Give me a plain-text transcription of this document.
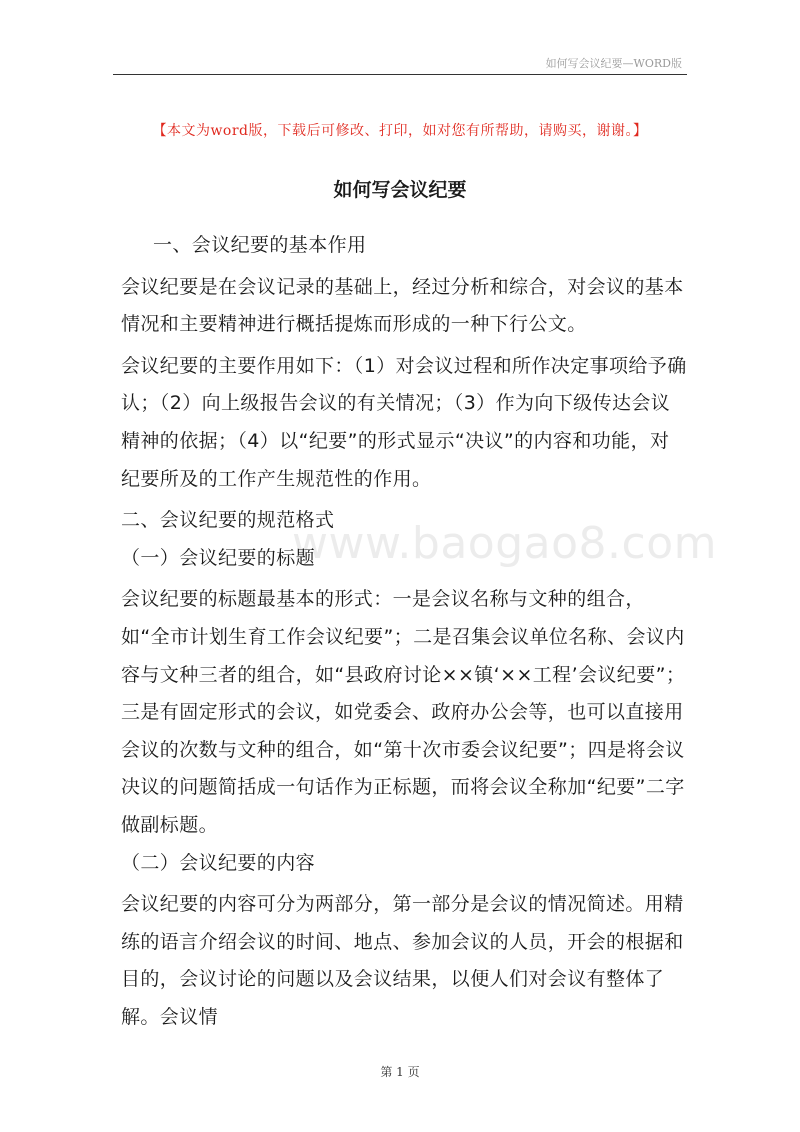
如何写会议纪要—WORD版
【本文为word版，下载后可修改、打印，如对您有所帮助，请购买，谢谢。】
如何写会议纪要
www.baogao8.com

一、会议纪要的基本作用

会议纪要是在会议记录的基础上，经过分析和综合，对会议的基本情况和主要精神进行概括提炼而形成的一种下行公文。

会议纪要的主要作用如下：（1）对会议过程和所作决定事项给予确认；（2）向上级报告会议的有关情况；（3）作为向下级传达会议精神的依据；（4）以“纪要”的形式显示“决议”的内容和功能，对纪要所及的工作产生规范性的作用。

二、会议纪要的规范格式

（一）会议纪要的标题

会议纪要的标题最基本的形式：一是会议名称与文种的组合，如“全市计划生育工作会议纪要”；二是召集会议单位名称、会议内容与文种三者的组合，如“县政府讨论××镇‘××工程’会议纪要”；三是有固定形式的会议，如党委会、政府办公会等，也可以直接用会议的次数与文种的组合，如“第十次市委会议纪要”；四是将会议决议的问题简括成一句话作为正标题，而将会议全称加“纪要”二字做副标题。

（二）会议纪要的内容

会议纪要的内容可分为两部分，第一部分是会议的情况简述。用精练的语言介绍会议的时间、地点、参加会议的人员，开会的根据和目的，会议讨论的问题以及会议结果，以便人们对会议有整体了解。会议情

第 1 页
